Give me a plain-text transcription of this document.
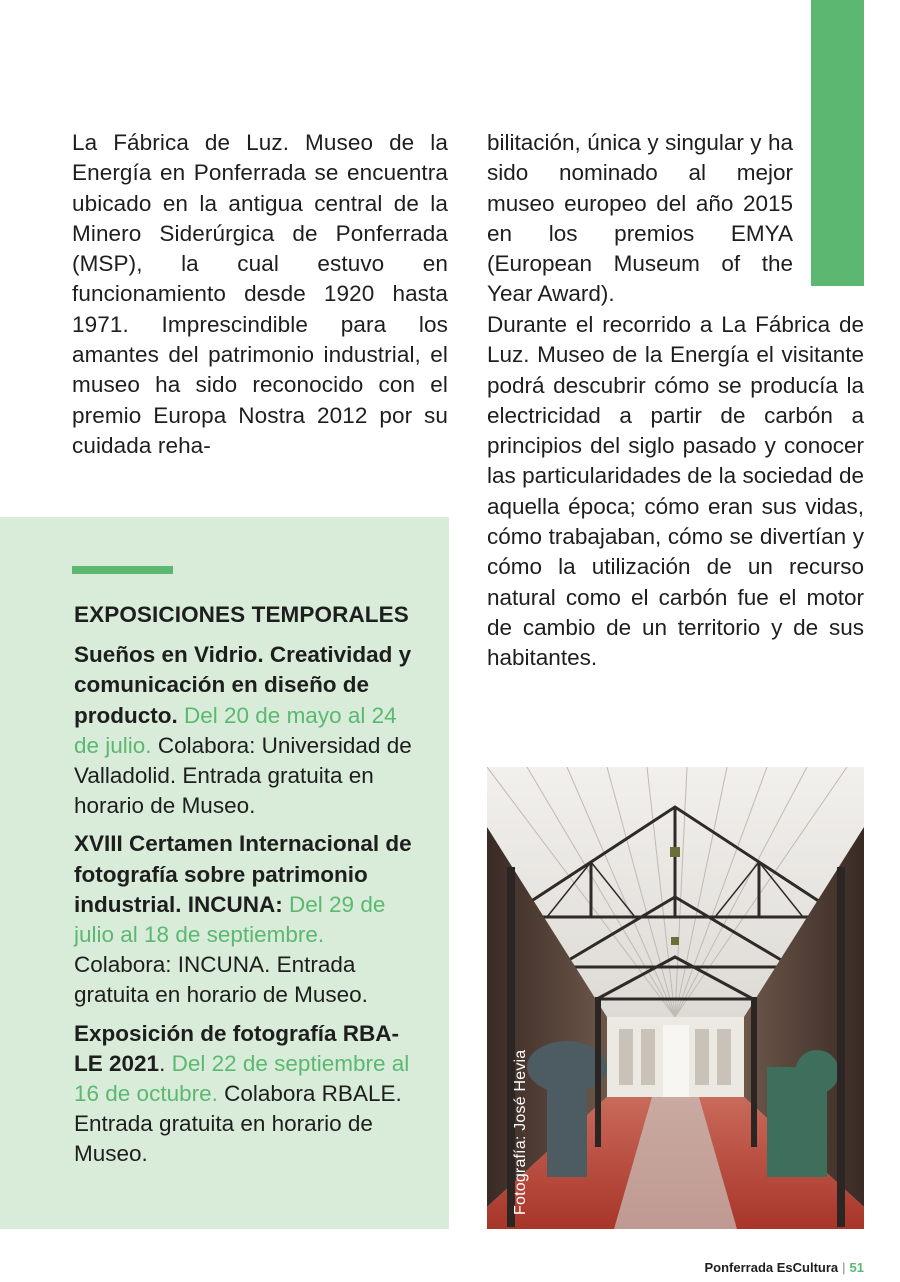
La Fábrica de Luz. Museo de la Energía en Ponferrada se encuentra ubicado en la antigua central de la Minero Siderúrgica de Ponferrada (MSP), la cual estuvo en funcionamiento desde 1920 hasta 1971. Imprescindible para los amantes del patrimonio industrial, el museo ha sido reconocido con el premio Europa Nostra 2012 por su cuidada reha-

bilitación, única y singular y ha sido nominado al mejor museo europeo del año 2015 en los premios EMYA (European Museum of the Year Award).

Durante el recorrido a La Fábrica de Luz. Museo de la Energía el visitante podrá descubrir cómo se producía la electricidad a partir de carbón a principios del siglo pasado y conocer las particularidades de la sociedad de aquella época; cómo eran sus vidas, cómo trabajaban, cómo se divertían y cómo la utilización de un recurso natural como el carbón fue el motor de cambio de un territorio y de sus habitantes.

EXPOSICIONES TEMPORALES
Sueños en Vidrio. Creatividad y comunicación en diseño de producto. Del 20 de mayo al 24 de julio. Colabora: Universidad de Valladolid. Entrada gratuita en horario de Museo.
XVIII Certamen Internacional de fotografía sobre patrimonio industrial. INCUNA: Del 29 de julio al 18 de septiembre. Colabora: INCUNA. Entrada gratuita en horario de Museo.
Exposición de fotografía RBA-LE 2021. Del 22 de septiembre al 16 de octubre. Colabora RBALE. Entrada gratuita en horario de Museo.	Fotografía: José Hevia
Ponferrada EsCultura | 51
